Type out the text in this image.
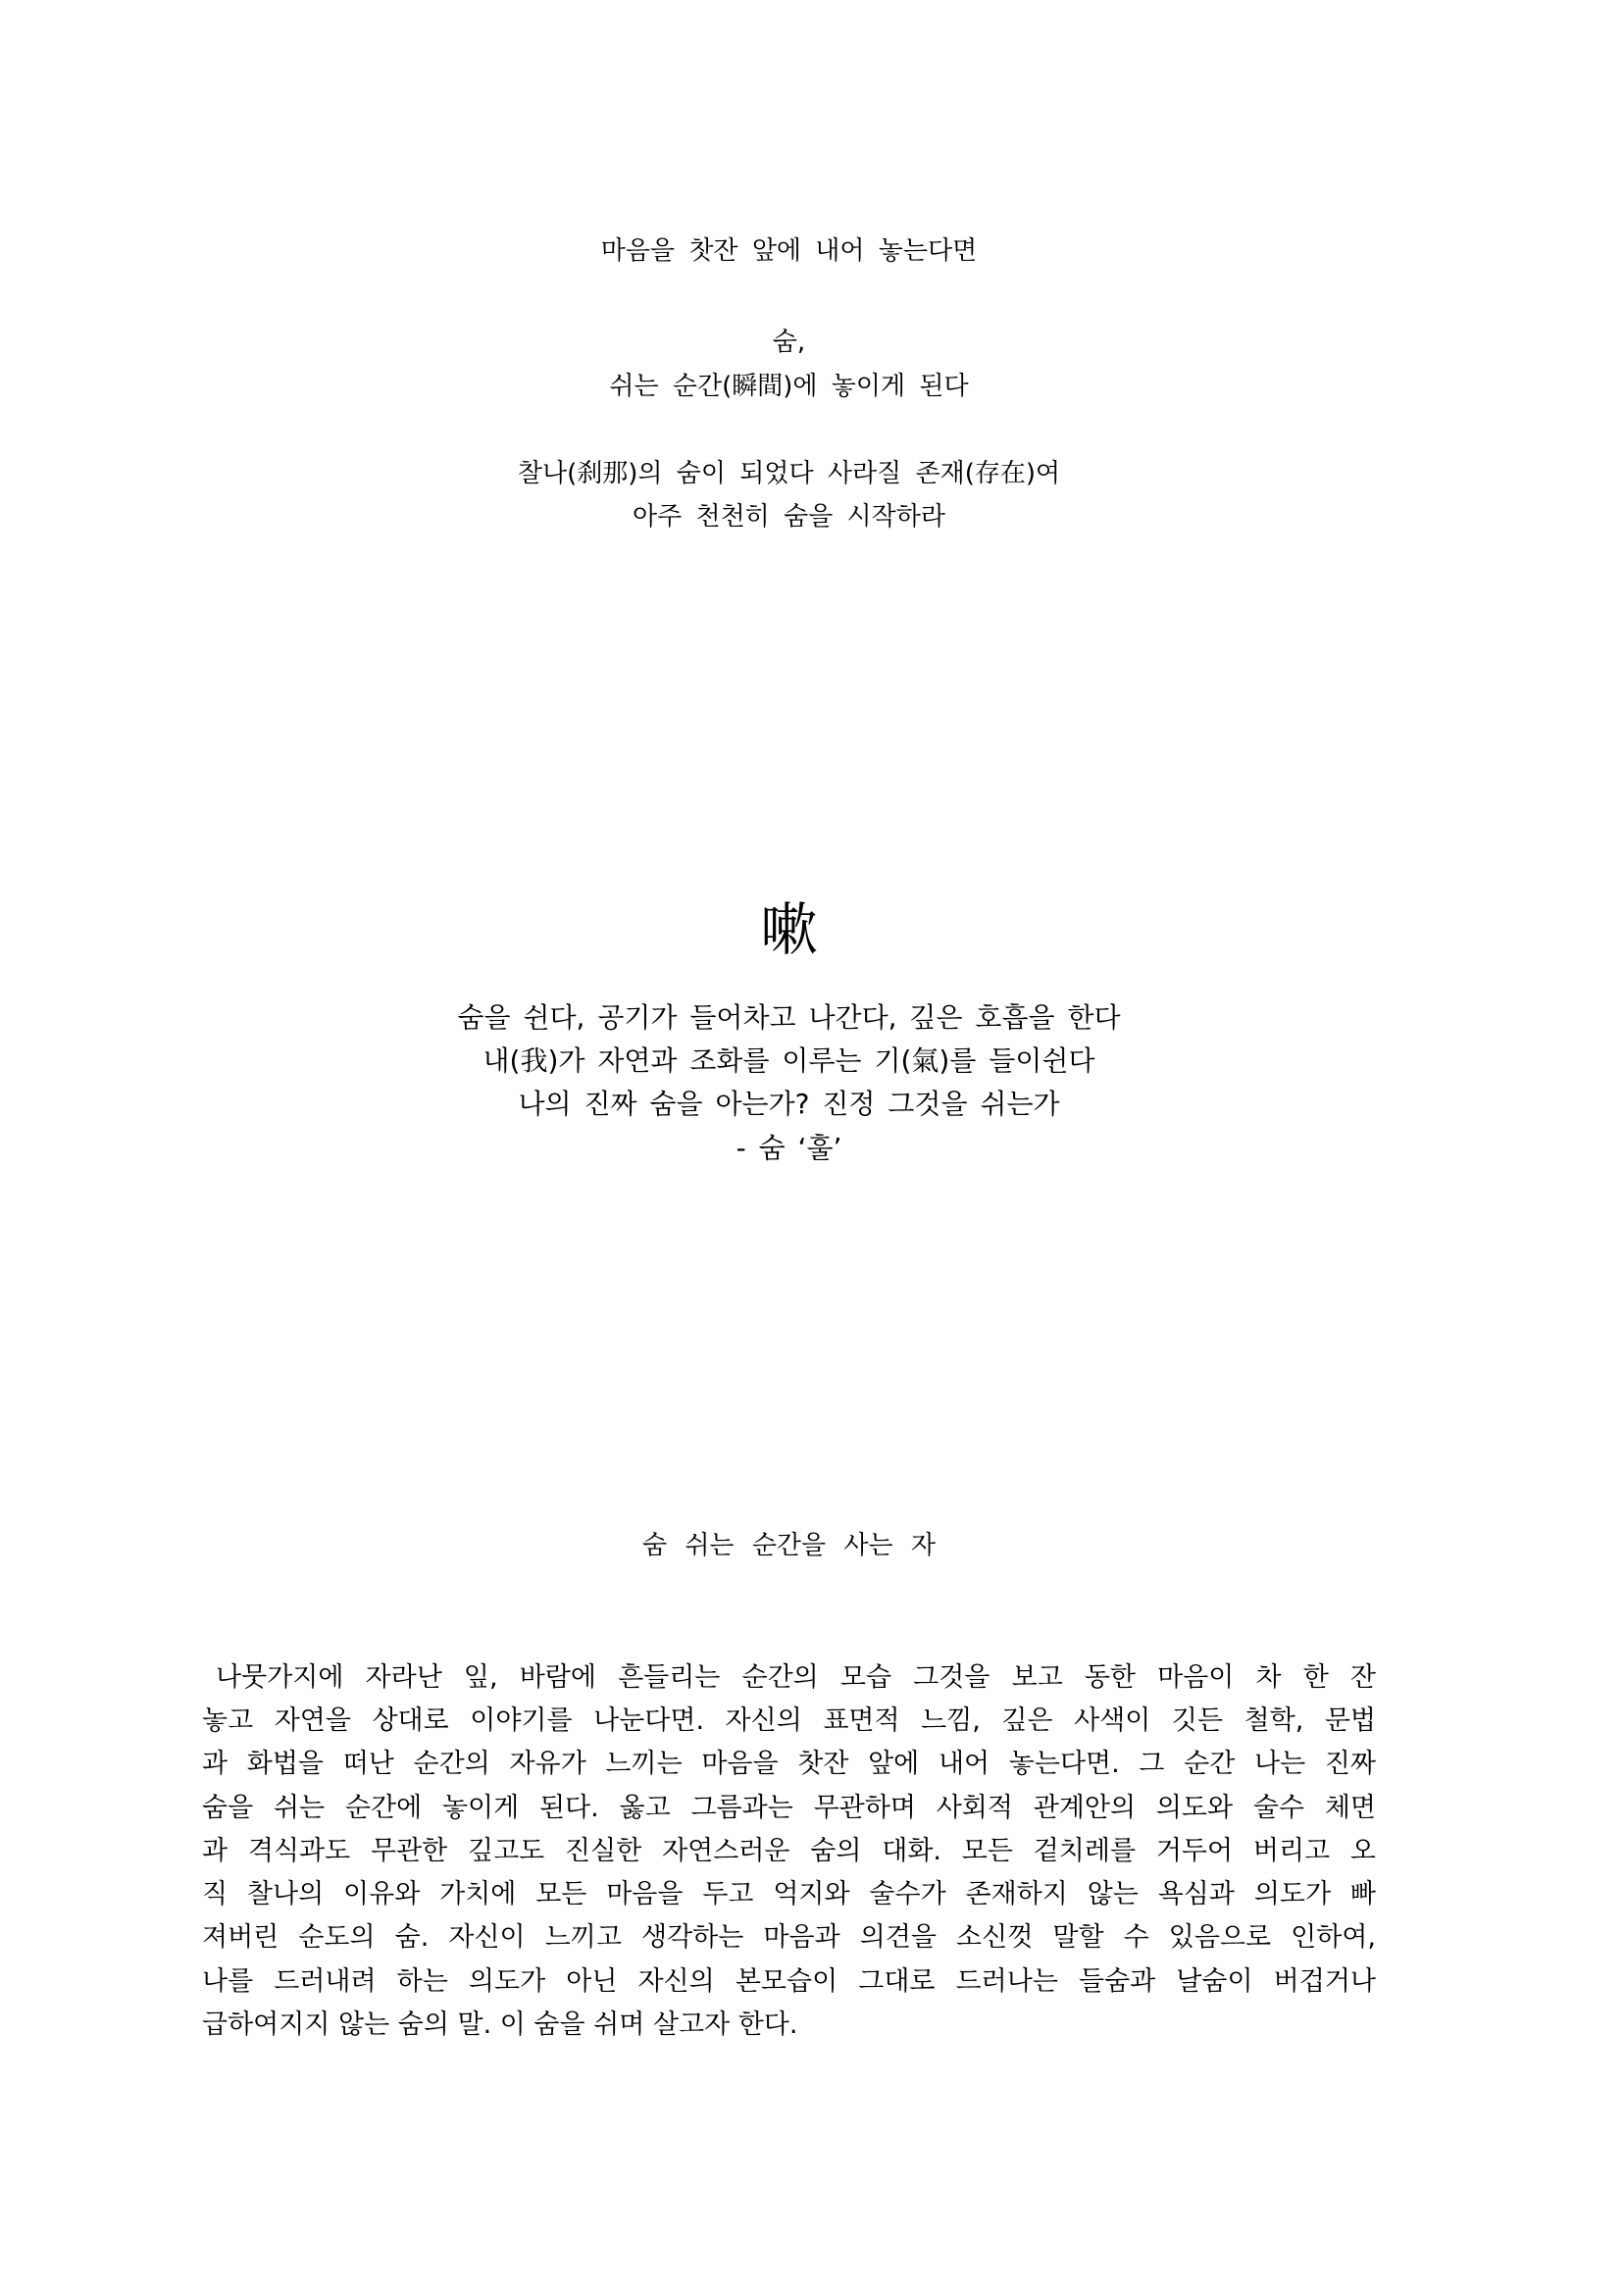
마음을 찻잔 앞에 내어 놓는다면
숨,
쉬는 순간(瞬間)에 놓이게 된다
찰나(刹那)의 숨이 되었다 사라질 존재(存在)여
아주 천천히 숨을 시작하라
嗽
숨을 쉰다, 공기가 들어차고 나간다, 깊은 호흡을 한다
내(我)가 자연과 조화를 이루는 기(氣)를 들이쉰다
나의 진짜 숨을 아는가? 진정 그것을 쉬는가
- 숨 ‘훌’
숨 쉬는 순간을 사는 자
나뭇가지에 자라난 잎, 바람에 흔들리는 순간의 모습 그것을 보고 동한 마음이 차 한 잔
놓고 자연을 상대로 이야기를 나눈다면. 자신의 표면적 느낌, 깊은 사색이 깃든 철학, 문법
과 화법을 떠난 순간의 자유가 느끼는 마음을 찻잔 앞에 내어 놓는다면. 그 순간 나는 진짜
숨을 쉬는 순간에 놓이게 된다. 옳고 그름과는 무관하며 사회적 관계안의 의도와 술수 체면
과 격식과도 무관한 깊고도 진실한 자연스러운 숨의 대화. 모든 겉치레를 거두어 버리고 오
직 찰나의 이유와 가치에 모든 마음을 두고 억지와 술수가 존재하지 않는 욕심과 의도가 빠
져버린 순도의 숨. 자신이 느끼고 생각하는 마음과 의견을 소신껏 말할 수 있음으로 인하여,
나를 드러내려 하는 의도가 아닌 자신의 본모습이 그대로 드러나는 들숨과 날숨이 버겁거나
급하여지지 않는 숨의 말. 이 숨을 쉬며 살고자 한다.
